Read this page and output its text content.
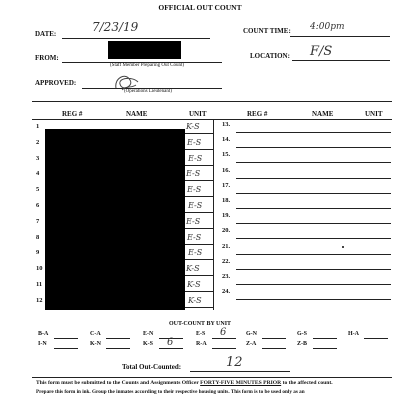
OFFICIAL OUT COUNT
DATE:	7/23/19	COUNT TIME: 4:00pm
FROM:
(Staff Member Preparing Out Count)
LOCATION: F/S
APPROVED:
(Operations Lieutenant)
REG #	NAME	UNIT	REG #	NAME	UNIT
1	K-S
2	E-S
3	E-S
4	E-S
5	E-S
6	E-S
7	E-S
8	E-S
9	E-S
10	K-S
11	K-S
12	K-S
13.
14.
15.
16.
17.
18.
19.
20.
21.
22.
23.
24.
OUT-COUNT BY UNIT
B-A	C-A	E-N	E-S 6	G-N	G-S	H-A
I-N	K-N	K-S 6	R-A	Z-A	Z-B
Total Out-Counted:	12
This form must be submitted to the Counts and Assignments Officer FORTY-FIVE MINUTES PRIOR to the affected count.
Prepare this form in ink. Group the inmates according to their respective housing units. This form is to be used only as an
